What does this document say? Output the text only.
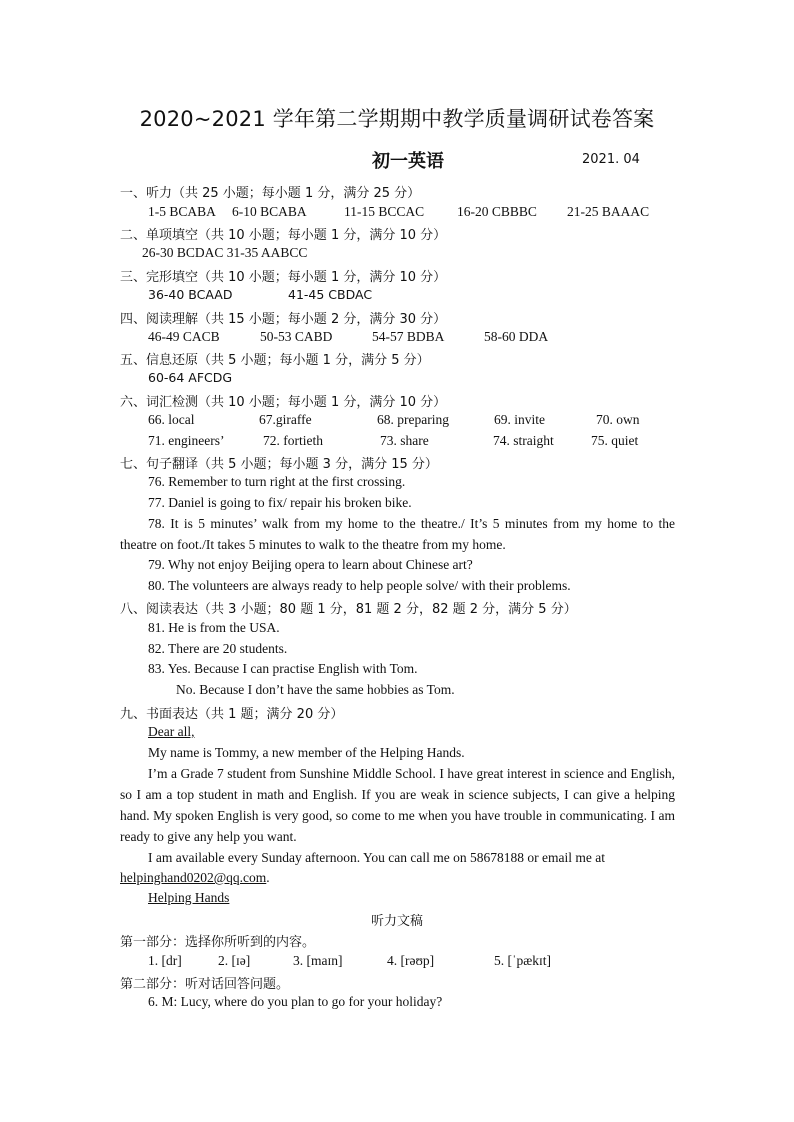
2020~2021 学年第二学期期中教学质量调研试卷答案
初一英语	2021. 04
一、听力（共 25 小题；每小题 1 分，满分 25 分）
1-5 BCABA 6-10 BCABA	11-15 BCCAC 16-20 CBBBC 21-25 BAAAC
二、单项填空（共 10 小题；每小题 1 分，满分 10 分）
26-30 BCDAC 31-35 AABCC
三、完形填空（共 10 小题；每小题 1 分，满分 10 分）
36-40 BCAAD	41-45 CBDAC
四、阅读理解（共 15 小题；每小题 2 分，满分 30 分）
46-49 CACB	50-53 CABD	54-57 BDBA	58-60 DDA
五、信息还原（共 5 小题；每小题 1 分，满分 5 分）
60-64 AFCDG
六、词汇检测（共 10 小题；每小题 1 分，满分 10 分）
66. local	67.giraffe	68. preparing	69. invite	70. own
71. engineers’	72. fortieth	73. share	74. straight	75. quiet
七、句子翻译（共 5 小题；每小题 3 分，满分 15 分）
76. Remember to turn right at the first crossing.
77. Daniel is going to fix/ repair his broken bike.
78. It is 5 minutes’ walk from my home to the theatre./ It’s 5 minutes from my home to the theatre on foot./It takes 5 minutes to walk to the theatre from my home.
79. Why not enjoy Beijing opera to learn about Chinese art?
80. The volunteers are always ready to help people solve/ with their problems.
八、阅读表达（共 3 小题；80 题 1 分，81 题 2 分，82 题 2 分，满分 5 分）
81. He is from the USA.
82. There are 20 students.
83. Yes. Because I can practise English with Tom.
No. Because I don’t have the same hobbies as Tom.
九、书面表达（共 1 题；满分 20 分）
Dear all,
My name is Tommy, a new member of the Helping Hands.
I’m a Grade 7 student from Sunshine Middle School. I have great interest in science and English, so I am a top student in math and English. If you are weak in science subjects, I can give a helping hand. My spoken English is very good, so come to me when you have trouble in communicating. I am ready to give any help you want.
I am available every Sunday afternoon. You can call me on 58678188 or email me at
helpinghand0202@qq.com.
Helping Hands
听力文稿
第一部分：选择你所听到的内容。
1. [dr]	2. [ɪə]	3. [maɪn]	4. [rəʊp]	5. [ˈpækɪt]
第二部分：听对话回答问题。
6. M: Lucy, where do you plan to go for your holiday?
